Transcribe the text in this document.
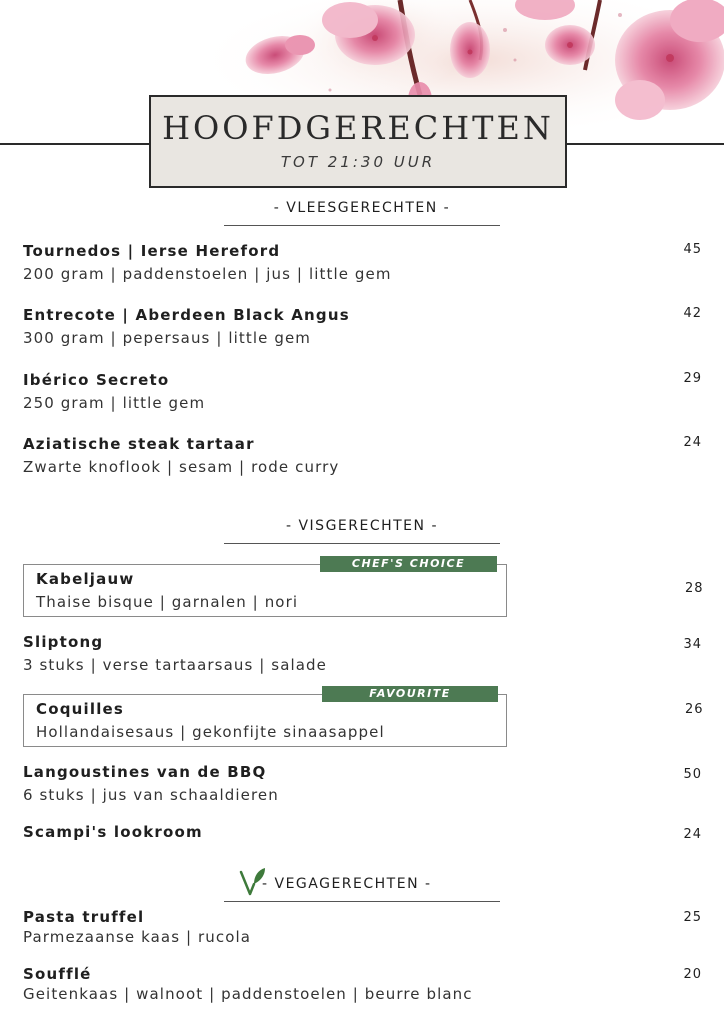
HOOFDGERECHTEN
TOT 21:30 UUR
- VLEESGERECHTEN -
Tournedos | Ierse Hereford
200 gram | paddenstoelen | jus | little gem
45
Entrecote | Aberdeen Black Angus
300 gram | pepersaus | little gem
42
Ibérico Secreto
250 gram | little gem
29
Aziatische steak tartaar
Zwarte knoflook | sesam | rode curry
24
- VISGERECHTEN -
Kabeljauw
Thaise bisque | garnalen | nori
CHEF'S CHOICE
28
Sliptong
3 stuks | verse tartaarsaus | salade
34
Coquilles
Hollandaisesaus | gekonfijte sinaasappel
FAVOURITE
26
Langoustines van de BBQ
6 stuks | jus van schaaldieren
50
Scampi's lookroom	24
- VEGAGERECHTEN -
Pasta truffel
Parmezaanse kaas | rucola
25
Soufflé
Geitenkaas | walnoot | paddenstoelen | beurre blanc
20
